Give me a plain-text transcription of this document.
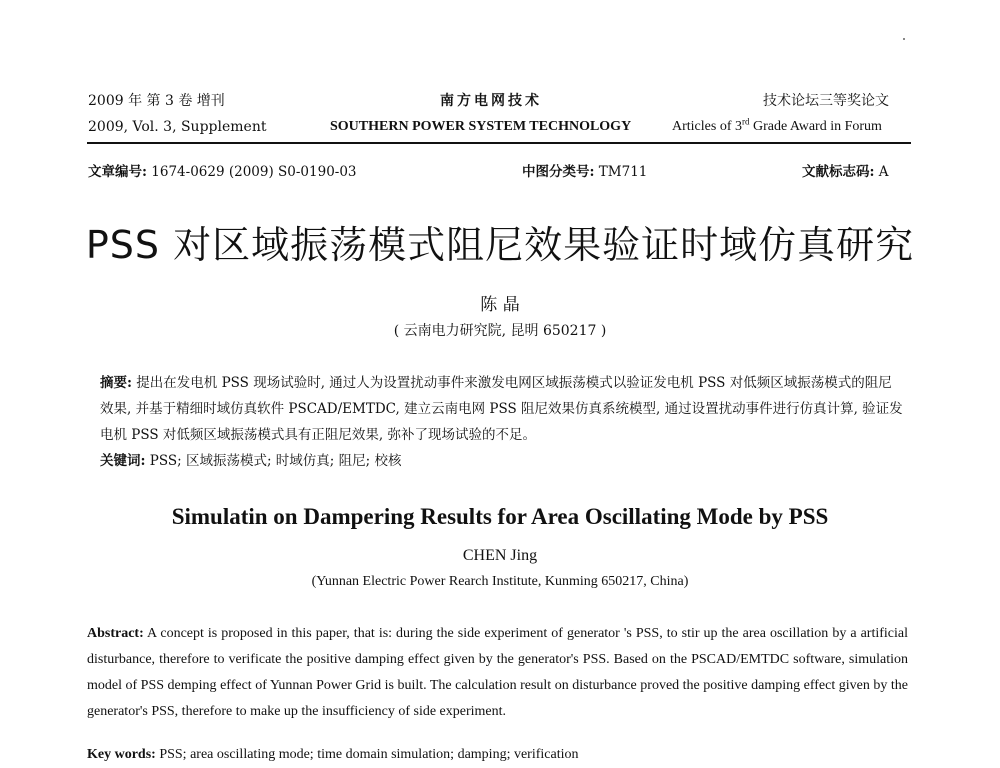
2009 年 第 3 卷 增刊
2009, Vol. 3, Supplement
南方电网技术
SOUTHERN POWER SYSTEM TECHNOLOGY
技术论坛三等奖论文
Articles of 3rd Grade Award in Forum
文章编号: 1674-0629 (2009) S0-0190-03	中图分类号: TM711	文献标志码: A
PSS 对区域振荡模式阻尼效果验证时域仿真研究
陈 晶
( 云南电力研究院, 昆明 650217 )
摘要: 提出在发电机 PSS 现场试验时, 通过人为设置扰动事件来激发电网区域振荡模式以验证发电机 PSS 对低频区域振荡模式的阻尼效果, 并基于精细时域仿真软件 PSCAD/EMTDC, 建立云南电网 PSS 阻尼效果仿真系统模型, 通过设置扰动事件进行仿真计算, 验证发电机 PSS 对低频区域振荡模式具有正阻尼效果, 弥补了现场试验的不足。
关键词: PSS; 区域振荡模式; 时域仿真; 阻尼; 校核
Simulatin on Dampering Results for Area Oscillating Mode by PSS
CHEN Jing
(Yunnan Electric Power Rearch Institute, Kunming 650217, China)
Abstract: A concept is proposed in this paper, that is: during the side experiment of generator 's PSS, to stir up the area oscillation by a artificial disturbance, therefore to verificate the positive damping effect given by the generator's PSS. Based on the PSCAD/EMTDC software, simulation model of PSS demping effect of Yunnan Power Grid is built. The calculation result on disturbance proved the positive damping effect given by the generator's PSS, therefore to make up the insufficiency of side experiment.
Key words: PSS; area oscillating mode; time domain simulation; damping; verification
